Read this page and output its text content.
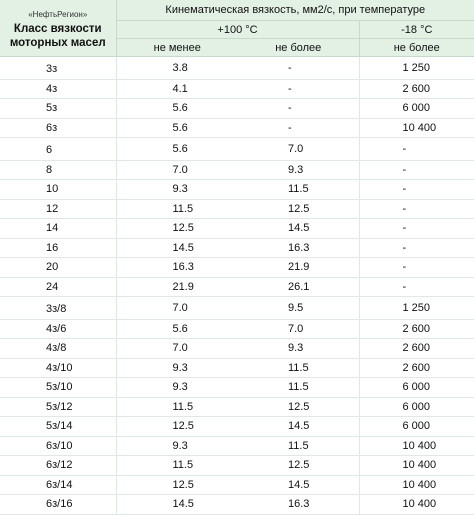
«НефтьРегион»
Класс вязкости моторных масел	Кинематическая вязкость, мм2/с, при температуре		
	+100 °С		-18 °С
	не менее	не более	не более
3з	3.8	-	1 250
4з	4.1	-	2 600
5з	5.6	-	6 000
6з	5.6	-	10 400
6	5.6	7.0	-
8	7.0	9.3	-
10	9.3	11.5	-
12	11.5	12.5	-
14	12.5	14.5	-
16	14.5	16.3	-
20	16.3	21.9	-
24	21.9	26.1	-
3з/8	7.0	9.5	1 250
4з/6	5.6	7.0	2 600
4з/8	7.0	9.3	2 600
4з/10	9.3	11.5	2 600
5з/10	9.3	11.5	6 000
5з/12	11.5	12.5	6 000
5з/14	12.5	14.5	6 000
6з/10	9.3	11.5	10 400
6з/12	11.5	12.5	10 400
6з/14	12.5	14.5	10 400
6з/16	14.5	16.3	10 400
